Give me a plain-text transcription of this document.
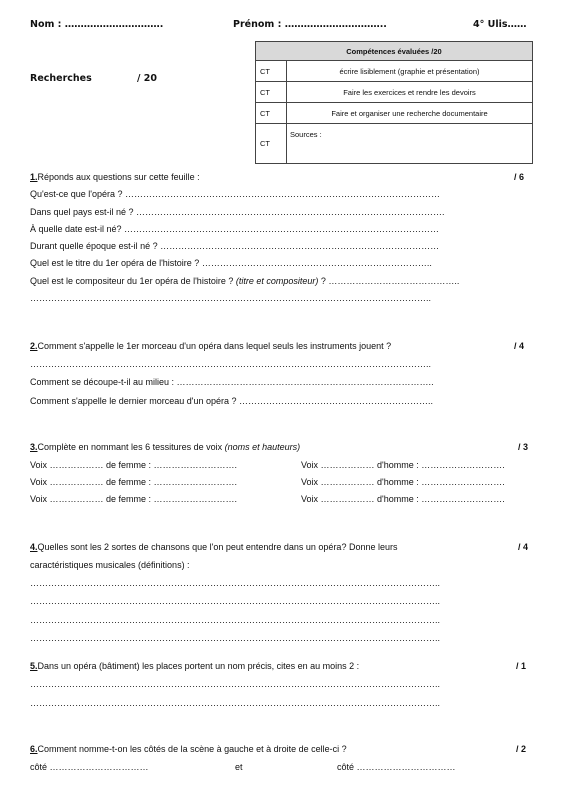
Nom : ………………………….	Prénom : …………………………..	4° Ulis……
Recherches	/ 20
Compétences évaluées /20	
CT	écrire lisiblement (graphie et présentation)
CT	Faire les exercices et rendre les devoirs
CT	Faire et organiser une recherche documentaire
CT	Sources :
1.Réponds aux questions sur cette feuille :	/ 6
Qu'est-ce que l'opéra ? ……………………………………………………………………………………………
Dans quel pays est-il né ? ………………………………………………………………………………………….
À quelle date est-il né? ……………………………………………………………………………………………
Durant quelle époque est-il né ? …………………………………………………………………………………
Quel est le titre du 1er opéra de l'histoire ? …………………………………………………………………..
Quel est le compositeur du 1er opéra de l'histoire ? (titre et compositeur) ? ……………………………………..
……………………………………………………………………………………………………………………..
2.Comment s'appelle le 1er morceau d'un opéra dans lequel seuls les instruments jouent ?	/ 4
……………………………………………………………………………………………………………………..
Comment se découpe-t-il au milieu : …………………………………………………………………………..
Comment s'appelle le dernier morceau d'un opéra ? ………………………………………………………..
3.Complète en nommant les 6 tessitures de voix (noms et hauteurs)	/ 3
Voix ……………… de femme : ……………………….	Voix ……………… d'homme : ……………………….
Voix ……………… de femme : ……………………….	Voix ……………… d'homme : ……………………….
Voix ……………… de femme : ……………………….	Voix ……………… d'homme : ……………………….
4.Quelles sont les 2 sortes de chansons que l'on peut entendre dans un opéra? Donne leurs	/ 4
caractéristiques musicales (définitions) :
………………………………………………………………………………………………………………………..
………………………………………………………………………………………………………………………..
………………………………………………………………………………………………………………………..
………………………………………………………………………………………………………………………..
5.Dans un opéra (bâtiment) les places portent un nom précis, cites en au moins 2 :	/ 1
………………………………………………………………………………………………………………………..
………………………………………………………………………………………………………………………..
6.Comment nomme-t-on les côtés de la scène à gauche et à droite de celle-ci ?	/ 2
côté ……………………………	et	côté ……………………………
